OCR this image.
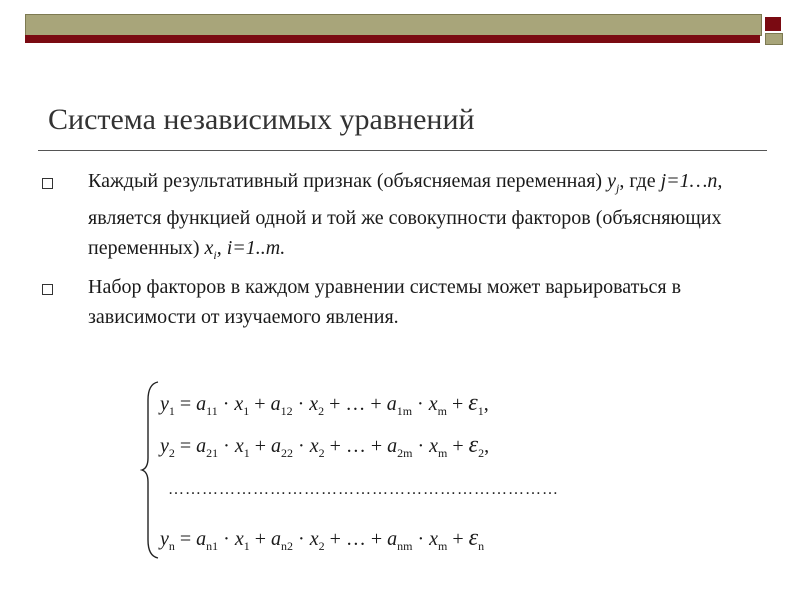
Система независимых уравнений
Каждый результативный признак (объясняемая переменная) $y_j$, где j=1…n, является функцией одной и той же совокупности факторов (объясняющих переменных) $x_i$, i=1..m.
Набор факторов в каждом уравнении системы может варьироваться в зависимости от изучаемого явления.
$y_1 = a_{11} \cdot x_1 + a_{12} \cdot x_2$ + … + $a_{1m} \cdot x_m + \varepsilon_1$,
$y_2 = a_{21} \cdot x_1 + a_{22} \cdot x_2$ + … + $a_{2m} \cdot x_m + \varepsilon_2$,
……………………………………………………………
$y_n = a_{n1} \cdot x_1 + a_{n2} \cdot x_2$ + … + $a_{nm} \cdot x_m + \varepsilon_n$
